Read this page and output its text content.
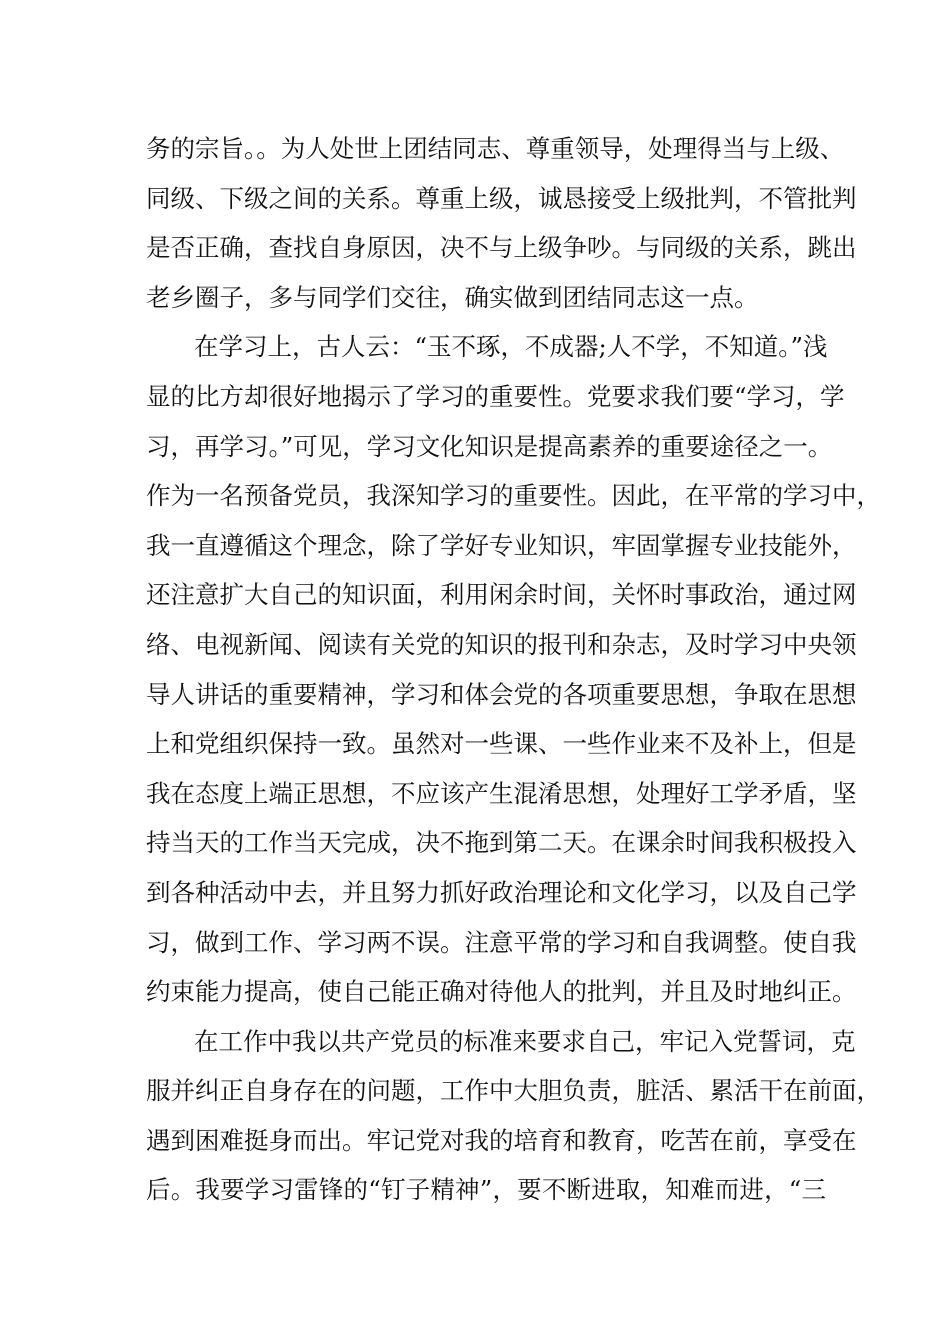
务的宗旨。。为人处世上团结同志、尊重领导，处理得当与上级、
同级、下级之间的关系。尊重上级，诚恳接受上级批判，不管批判
是否正确，查找自身原因，决不与上级争吵。与同级的关系，跳出
老乡圈子，多与同学们交往，确实做到团结同志这一点。
在学习上，古人云：“玉不琢，不成器;人不学，不知道。”浅
显的比方却很好地揭示了学习的重要性。党要求我们要“学习，学
习，再学习。”可见，学习文化知识是提高素养的重要途径之一。
作为一名预备党员，我深知学习的重要性。因此，在平常的学习中，
我一直遵循这个理念，除了学好专业知识，牢固掌握专业技能外，
还注意扩大自己的知识面，利用闲余时间，关怀时事政治，通过网
络、电视新闻、阅读有关党的知识的报刊和杂志，及时学习中央领
导人讲话的重要精神，学习和体会党的各项重要思想，争取在思想
上和党组织保持一致。虽然对一些课、一些作业来不及补上，但是
我在态度上端正思想，不应该产生混淆思想，处理好工学矛盾，坚
持当天的工作当天完成，决不拖到第二天。在课余时间我积极投入
到各种活动中去，并且努力抓好政治理论和文化学习，以及自己学
习，做到工作、学习两不误。注意平常的学习和自我调整。使自我
约束能力提高，使自己能正确对待他人的批判，并且及时地纠正。
在工作中我以共产党员的标准来要求自己，牢记入党誓词，克
服并纠正自身存在的问题，工作中大胆负责，脏活、累活干在前面，
遇到困难挺身而出。牢记党对我的培育和教育，吃苦在前，享受在
后。我要学习雷锋的“钉子精神”，要不断进取，知难而进，“三
